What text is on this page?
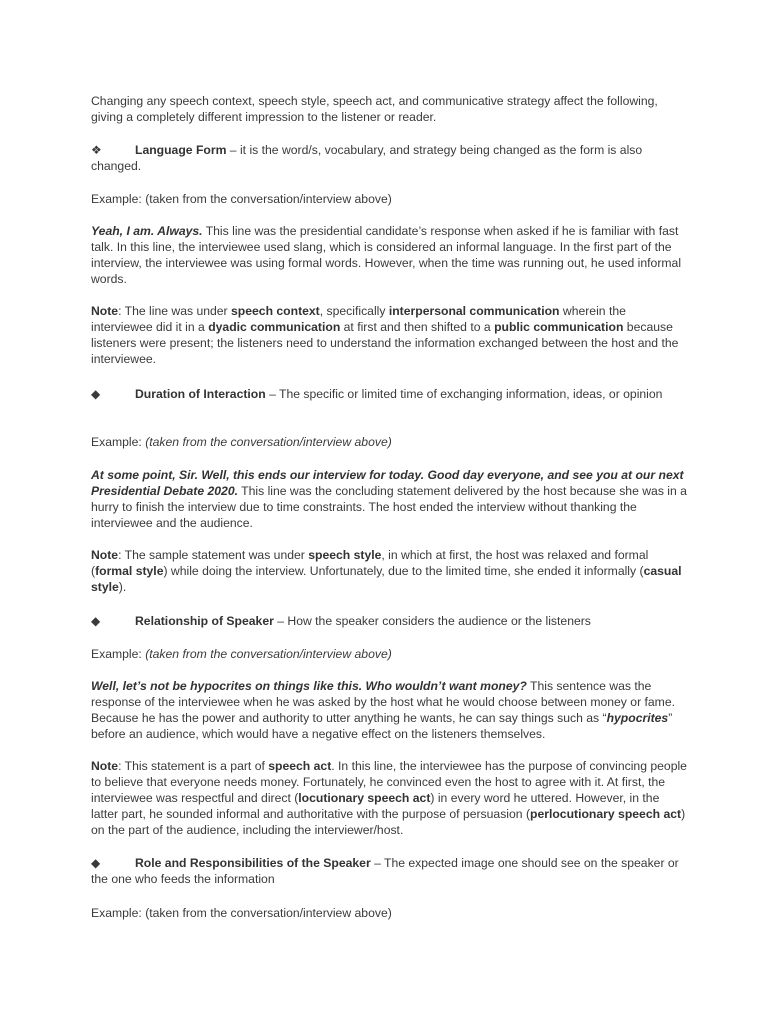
Changing any speech context, speech style, speech act, and communicative strategy affect the following, giving a completely different impression to the listener or reader.

❖	Language Form – it is the word/s, vocabulary, and strategy being changed as the form is also changed.

Example: (taken from the conversation/interview above)

Yeah, I am. Always. This line was the presidential candidate’s response when asked if he is familiar with fast talk. In this line, the interviewee used slang, which is considered an informal language. In the first part of the interview, the interviewee was using formal words. However, when the time was running out, he used informal words.

Note: The line was under speech context, specifically interpersonal communication wherein the interviewee did it in a dyadic communication at first and then shifted to a public communication because listeners were present; the listeners need to understand the information exchanged between the host and the interviewee.

◆	Duration of Interaction – The specific or limited time of exchanging information, ideas, or opinion

Example: (taken from the conversation/interview above)

At some point, Sir. Well, this ends our interview for today. Good day everyone, and see you at our next Presidential Debate 2020. This line was the concluding statement delivered by the host because she was in a hurry to finish the interview due to time constraints. The host ended the interview without thanking the interviewee and the audience.

Note: The sample statement was under speech style, in which at first, the host was relaxed and formal (formal style) while doing the interview. Unfortunately, due to the limited time, she ended it informally (casual style).

◆	Relationship of Speaker – How the speaker considers the audience or the listeners

Example: (taken from the conversation/interview above)

Well, let’s not be hypocrites on things like this. Who wouldn’t want money? This sentence was the response of the interviewee when he was asked by the host what he would choose between money or fame. Because he has the power and authority to utter anything he wants, he can say things such as “hypocrites” before an audience, which would have a negative effect on the listeners themselves.

Note: This statement is a part of speech act. In this line, the interviewee has the purpose of convincing people to believe that everyone needs money. Fortunately, he convinced even the host to agree with it. At first, the interviewee was respectful and direct (locutionary speech act) in every word he uttered. However, in the latter part, he sounded informal and authoritative with the purpose of persuasion (perlocutionary speech act) on the part of the audience, including the interviewer/host.

◆	Role and Responsibilities of the Speaker – The expected image one should see on the speaker or the one who feeds the information

Example: (taken from the conversation/interview above)
